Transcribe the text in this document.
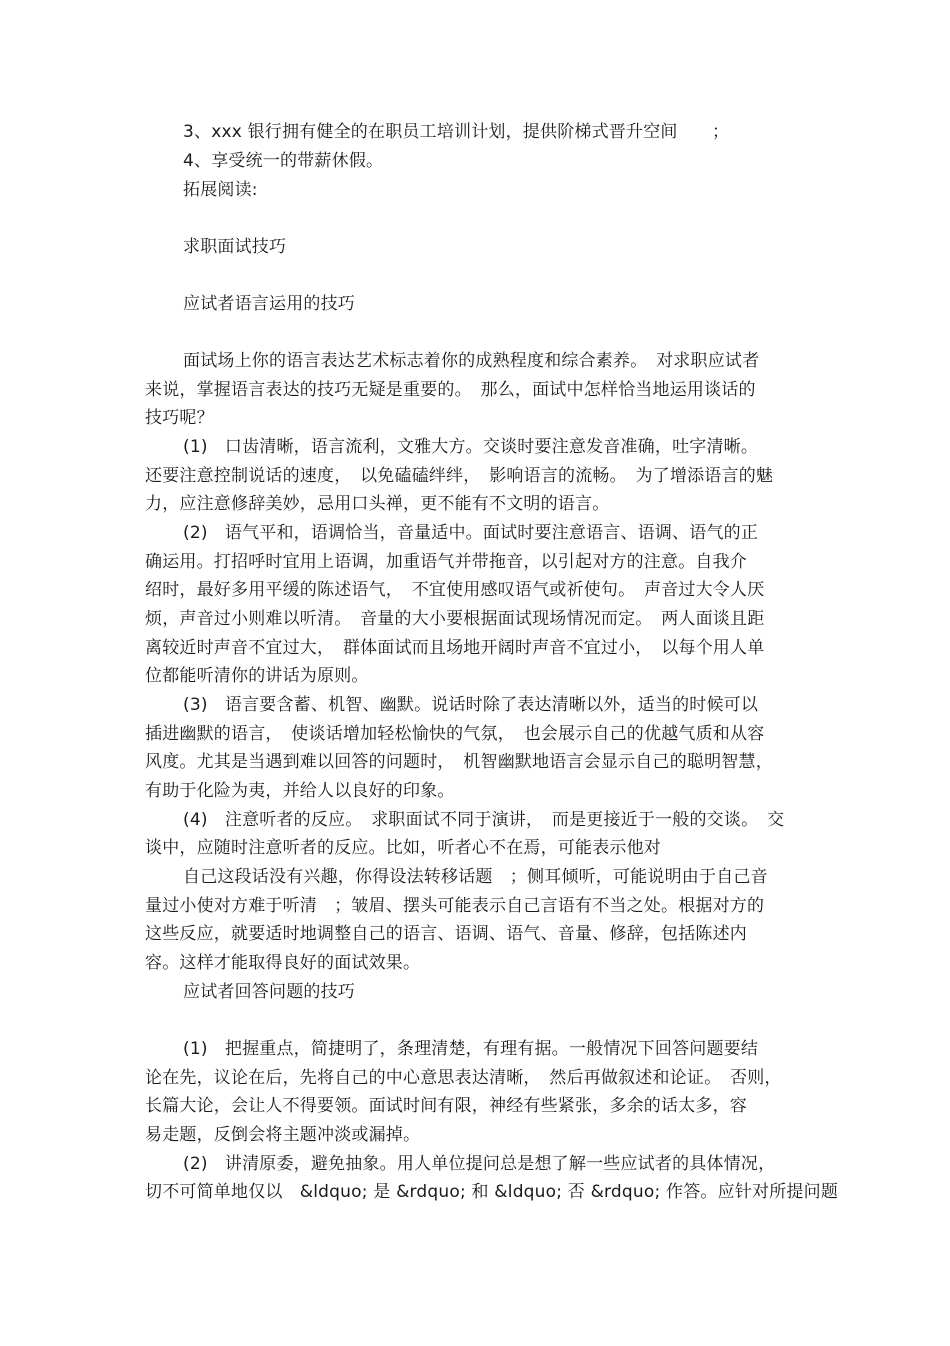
3、xxx 银行拥有健全的在职员工培训计划，提供阶梯式晋升空间　　；
4、享受统一的带薪休假。
拓展阅读:
求职面试技巧
应试者语言运用的技巧
面试场上你的语言表达艺术标志着你的成熟程度和综合素养。　对求职应试者
来说，掌握语言表达的技巧无疑是重要的。　那么，面试中怎样恰当地运用谈话的
技巧呢？
(1)　口齿清晰，语言流利，文雅大方。交谈时要注意发音准确，吐字清晰。
还要注意控制说话的速度，　以免磕磕绊绊，　影响语言的流畅。　为了增添语言的魅
力，应注意修辞美妙，忌用口头禅，更不能有不文明的语言。
(2)　语气平和，语调恰当，音量适中。面试时要注意语言、语调、语气的正
确运用。打招呼时宜用上语调，加重语气并带拖音，以引起对方的注意。自我介
绍时，最好多用平缓的陈述语气，　不宜使用感叹语气或祈使句。　声音过大令人厌
烦，声音过小则难以听清。　音量的大小要根据面试现场情况而定。　两人面谈且距
离较近时声音不宜过大，　群体面试而且场地开阔时声音不宜过小，　以每个用人单
位都能听清你的讲话为原则。
(3)　语言要含蓄、机智、幽默。说话时除了表达清晰以外，适当的时候可以
插进幽默的语言，　使谈话增加轻松愉快的气氛，　也会展示自己的优越气质和从容
风度。尤其是当遇到难以回答的问题时，　机智幽默地语言会显示自己的聪明智慧，
有助于化险为夷，并给人以良好的印象。
(4)　注意听者的反应。　求职面试不同于演讲，　而是更接近于一般的交谈。　交
谈中，应随时注意听者的反应。比如，听者心不在焉，可能表示他对
自己这段话没有兴趣，你得设法转移话题　；侧耳倾听，可能说明由于自己音
量过小使对方难于听清　；皱眉、摆头可能表示自己言语有不当之处。根据对方的
这些反应，就要适时地调整自己的语言、语调、语气、音量、修辞，包括陈述内
容。这样才能取得良好的面试效果。
应试者回答问题的技巧
(1)　把握重点，简捷明了，条理清楚，有理有据。一般情况下回答问题要结
论在先，议论在后，先将自己的中心意思表达清晰，　然后再做叙述和论证。　否则，
长篇大论，会让人不得要领。面试时间有限，神经有些紧张，多余的话太多，容
易走题，反倒会将主题冲淡或漏掉。
(2)　讲清原委，避免抽象。用人单位提问总是想了解一些应试者的具体情况，
切不可简单地仅以　&ldquo; 是 &rdquo; 和 &ldquo; 否 &rdquo; 作答。应针对所提问题
